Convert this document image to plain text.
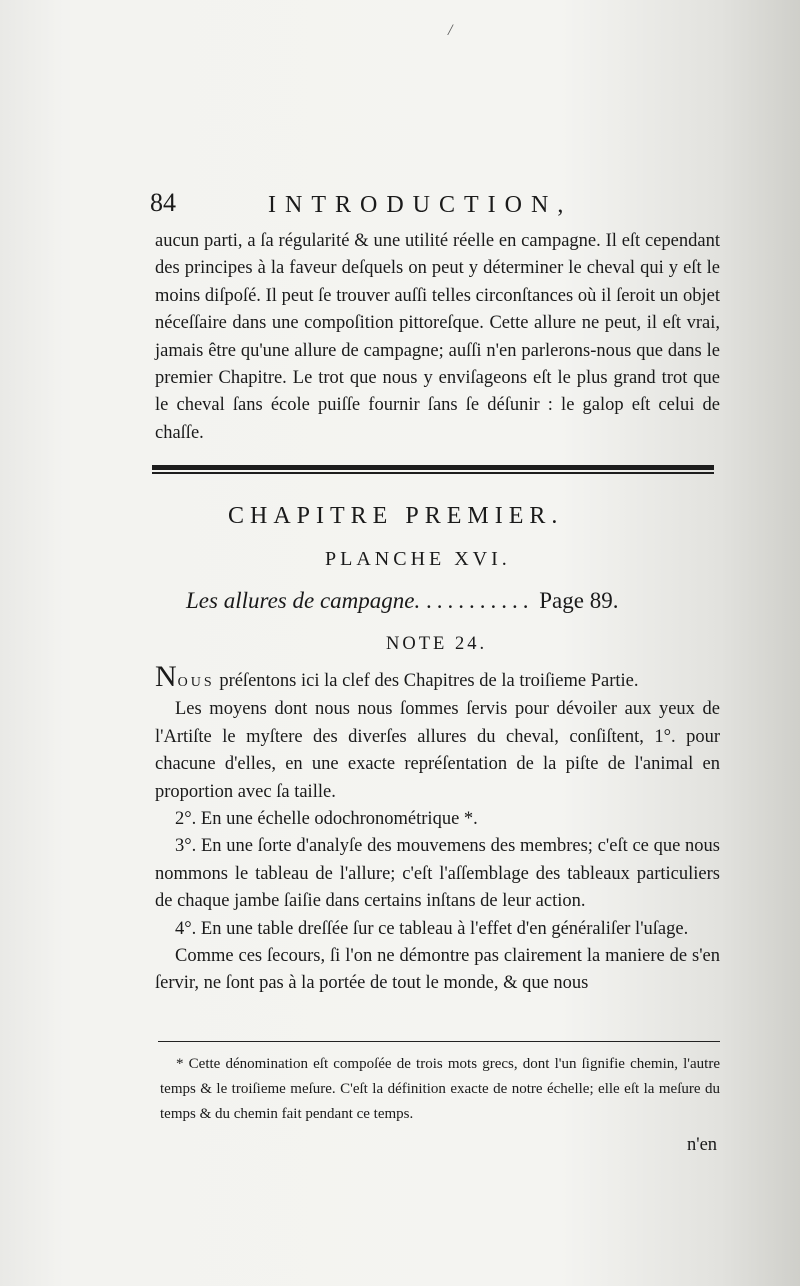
/
84	INTRODUCTION,

aucun parti, a ſa régularité & une utilité réelle en campagne. Il eſt cependant des principes à la faveur deſquels on peut y déterminer le cheval qui y eſt le moins diſpoſé. Il peut ſe trouver auſſi telles circonſtances où il ſeroit un objet néceſſaire dans une compoſition pittoreſque. Cette allure ne peut, il eſt vrai, jamais être qu'une allure de campagne; auſſi n'en parlerons-nous que dans le premier Chapitre. Le trot que nous y enviſageons eſt le plus grand trot que le cheval ſans école puiſſe fournir ſans ſe déſunir : le galop eſt celui de chaſſe.

CHAPITRE PREMIER.
PLANCHE XVI.
Les allures de campagne. .......... Page 89.
NOTE 24.

NOUS préſentons ici la clef des Chapitres de la troiſieme Partie.

Les moyens dont nous nous ſommes ſervis pour dévoiler aux yeux de l'Artiſte le myſtere des diverſes allures du cheval, conſiſtent, 1°. pour chacune d'elles, en une exacte repréſentation de la piſte de l'animal en proportion avec ſa taille.

2°. En une échelle odochronométrique *.

3°. En une ſorte d'analyſe des mouvemens des membres; c'eſt ce que nous nommons le tableau de l'allure; c'eſt l'aſſemblage des tableaux particuliers de chaque jambe ſaiſie dans certains inſtans de leur action.

4°. En une table dreſſée ſur ce tableau à l'effet d'en généraliſer l'uſage.

Comme ces ſecours, ſi l'on ne démontre pas clairement la maniere de s'en ſervir, ne ſont pas à la portée de tout le monde, & que nous

* Cette dénomination eſt compoſée de trois mots grecs, dont l'un ſignifie chemin, l'autre temps & le troiſieme meſure. C'eſt la définition exacte de notre échelle; elle eſt la meſure du temps & du chemin fait pendant ce temps.

n'en
